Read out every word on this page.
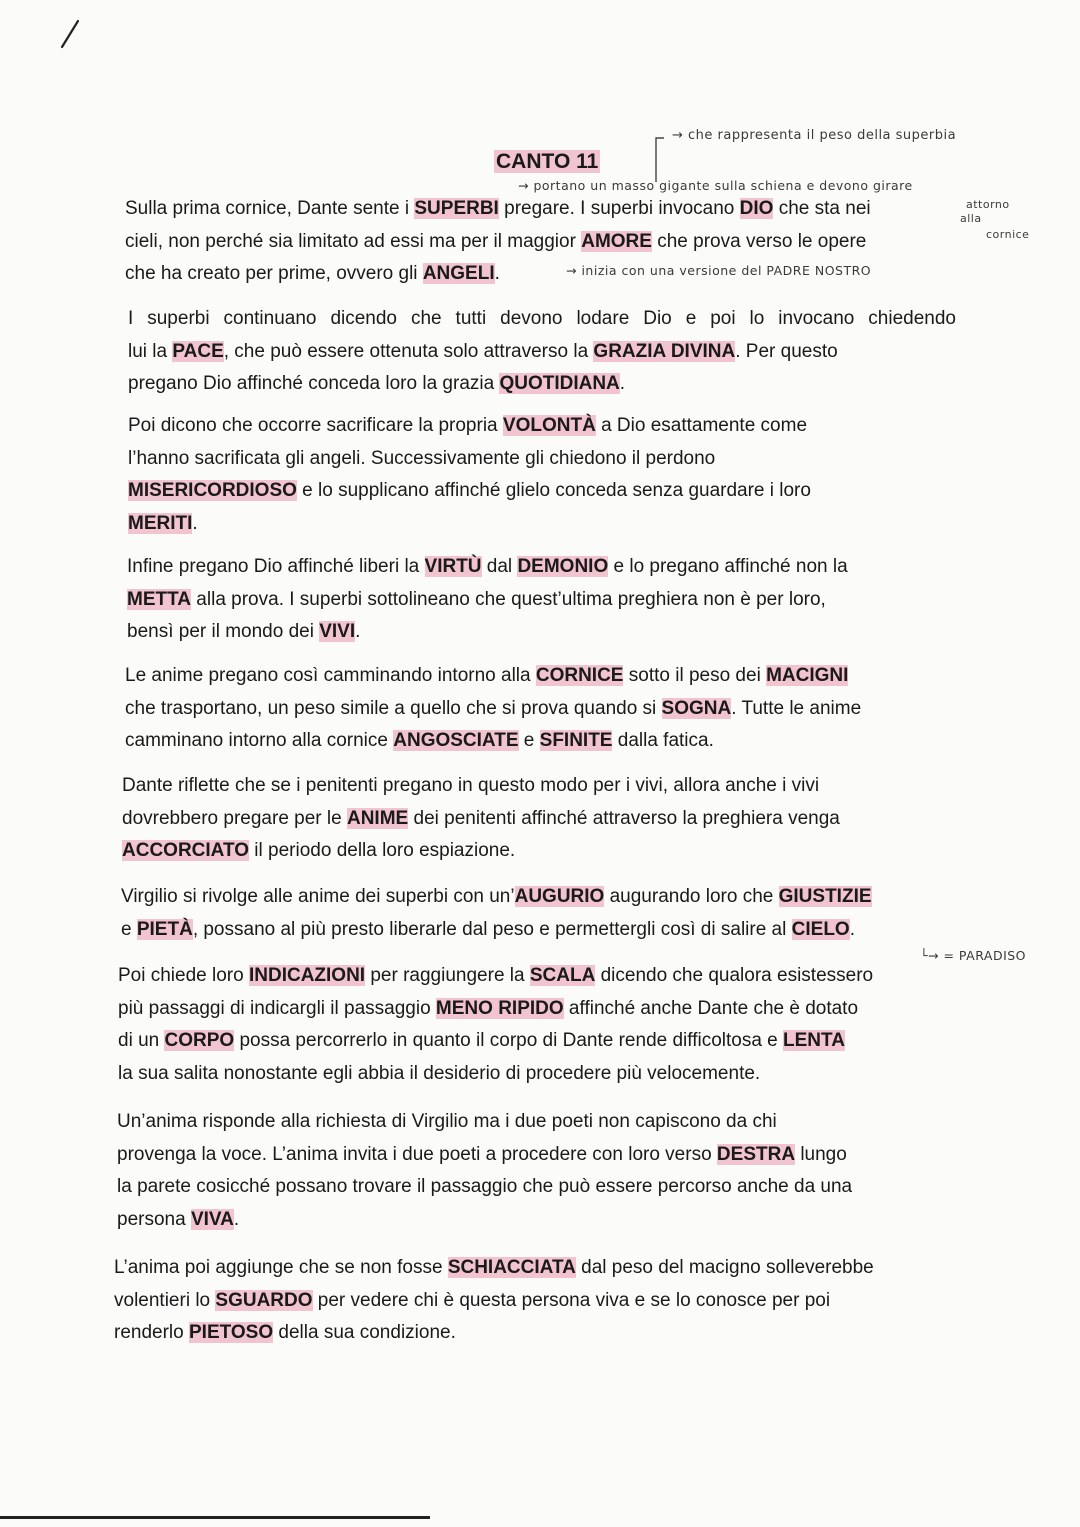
→ che rappresenta il peso della superbia
CANTO 11
→ portano un masso gigante sulla schiena e devono girare
attorno
alla
cornice
→ inizia con una versione del PADRE NOSTRO
└→ = PARADISO
Sulla prima cornice, Dante sente i SUPERBI pregare. I superbi invocano DIO che sta nei
cieli, non perché sia limitato ad essi ma per il maggior AMORE che prova verso le opere
che ha creato per prime, ovvero gli ANGELI.
I superbi continuano dicendo che tutti devono lodare Dio e poi lo invocano chiedendo
lui la PACE, che può essere ottenuta solo attraverso la GRAZIA DIVINA. Per questo
pregano Dio affinché conceda loro la grazia QUOTIDIANA.
Poi dicono che occorre sacrificare la propria VOLONTÀ a Dio esattamente come
l’hanno sacrificata gli angeli. Successivamente gli chiedono il perdono
MISERICORDIOSO e lo supplicano affinché glielo conceda senza guardare i loro
MERITI.
Infine pregano Dio affinché liberi la VIRTÙ dal DEMONIO e lo pregano affinché non la
METTA alla prova. I superbi sottolineano che quest’ultima preghiera non è per loro,
bensì per il mondo dei VIVI.
Le anime pregano così camminando intorno alla CORNICE sotto il peso dei MACIGNI
che trasportano, un peso simile a quello che si prova quando si SOGNA. Tutte le anime
camminano intorno alla cornice ANGOSCIATE e SFINITE dalla fatica.
Dante riflette che se i penitenti pregano in questo modo per i vivi, allora anche i vivi
dovrebbero pregare per le ANIME dei penitenti affinché attraverso la preghiera venga
ACCORCIATO il periodo della loro espiazione.
Virgilio si rivolge alle anime dei superbi con un’AUGURIO augurando loro che GIUSTIZIE
e PIETÀ, possano al più presto liberarle dal peso e permettergli così di salire al CIELO.
Poi chiede loro INDICAZIONI per raggiungere la SCALA dicendo che qualora esistessero
più passaggi di indicargli il passaggio MENO RIPIDO affinché anche Dante che è dotato
di un CORPO possa percorrerlo in quanto il corpo di Dante rende difficoltosa e LENTA
la sua salita nonostante egli abbia il desiderio di procedere più velocemente.
Un’anima risponde alla richiesta di Virgilio ma i due poeti non capiscono da chi
provenga la voce. L’anima invita i due poeti a procedere con loro verso DESTRA lungo
la parete cosicché possano trovare il passaggio che può essere percorso anche da una
persona VIVA.
L’anima poi aggiunge che se non fosse SCHIACCIATA dal peso del macigno solleverebbe
volentieri lo SGUARDO per vedere chi è questa persona viva e se lo conosce per poi
renderlo PIETOSO della sua condizione.
